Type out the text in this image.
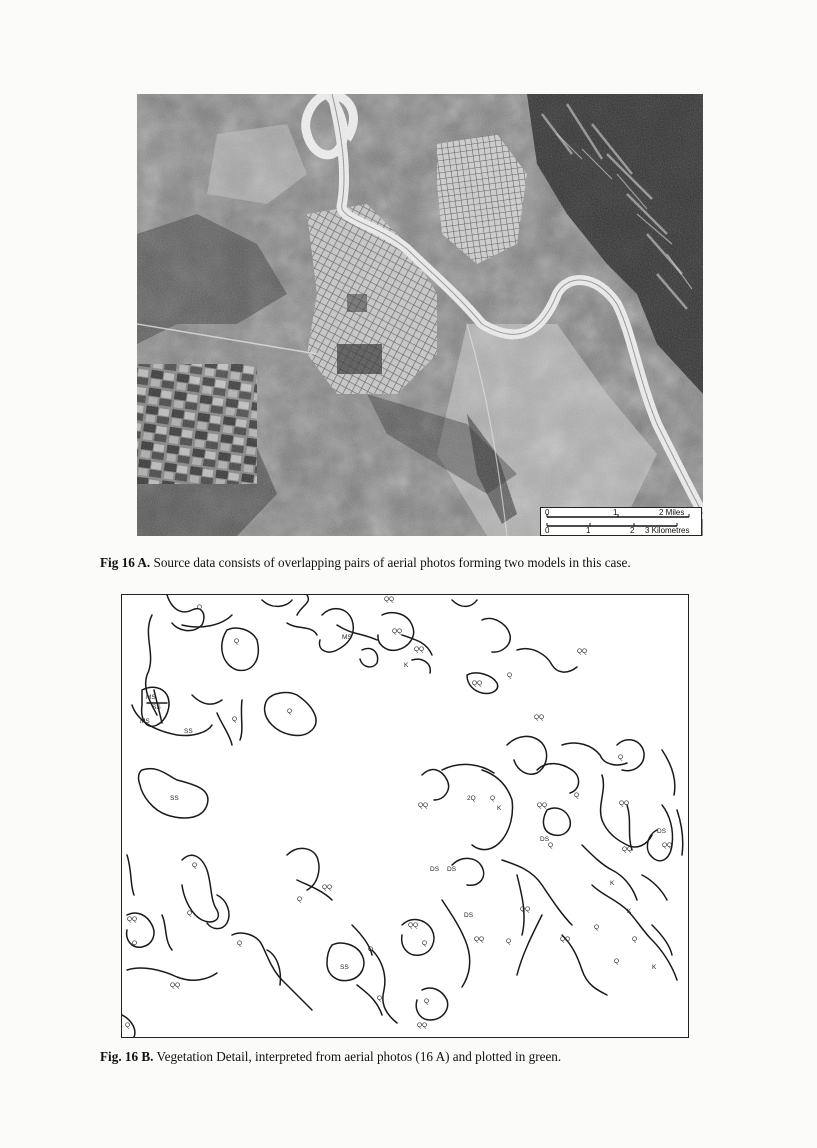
0	1	2 Miles
0	1	2 3 Kilometres
Fig 16 A. Source data consists of overlapping pairs of aerial photos forming two models in this case.
Q
QQ
Q
MS
QQ
QQ
K
QQ
QQ
Q
MS
SS
MS
SS
Q
Q
QQ
SS
Q
QQ
2Q Q
K	QQ
Q
QQ
DS
QQ
DS
QQ
Q
DS DS
Q
QQ
Q
K
QQ
Q	DS
QQ
QQ
Q	Q	Q
QQ
Q
Q	QQ
K
Q
Q
SS
QQ
Q
K
Q	Q
QQ
Q
Fig. 16 B. Vegetation Detail, interpreted from aerial photos (16 A) and plotted in green.
